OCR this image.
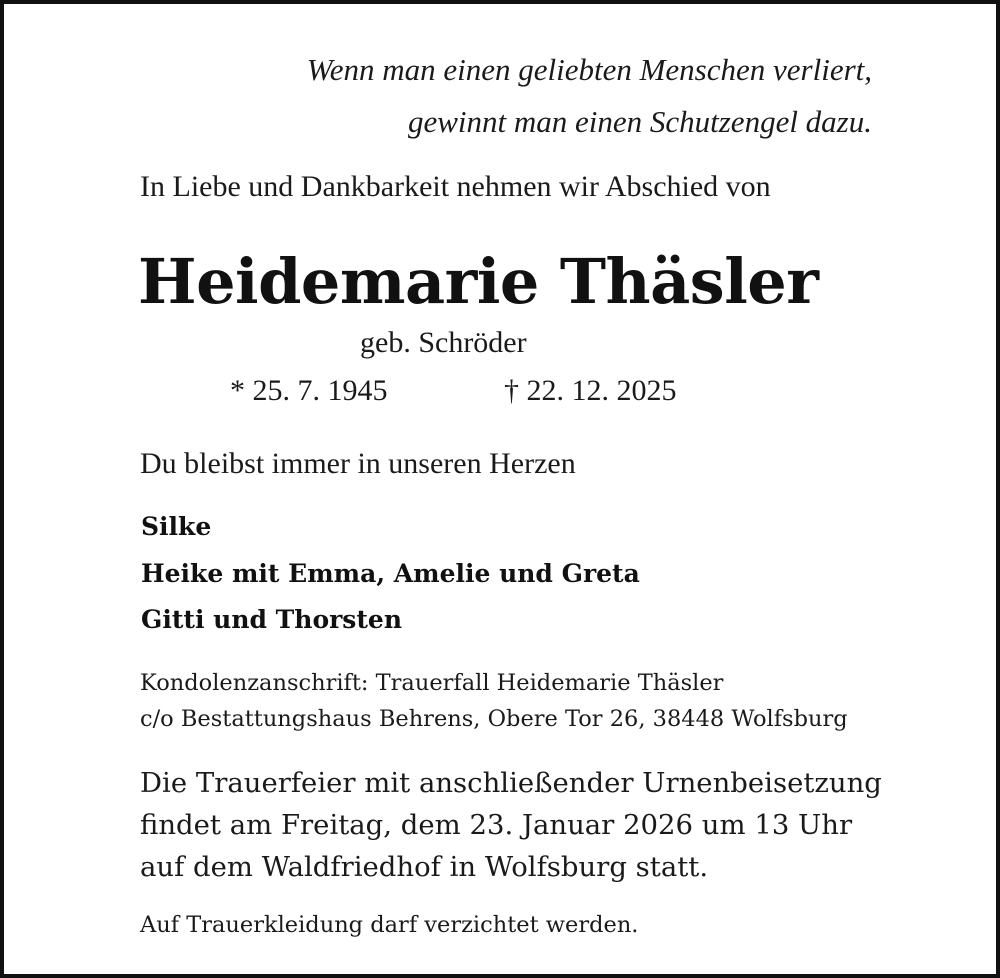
Wenn man einen geliebten Menschen verliert,

gewinnt man einen Schutzengel dazu.

In Liebe und Dankbarkeit nehmen wir Abschied von

Heidemarie Thäsler

geb. Schröder

* 25. 7. 1945	† 22. 12. 2025

Du bleibst immer in unseren Herzen

Silke

Heike mit Emma, Amelie und Greta

Gitti und Thorsten

Kondolenzanschrift: Trauerfall Heidemarie Thäsler

c/o Bestattungshaus Behrens, Obere Tor 26, 38448 Wolfsburg

Die Trauerfeier mit anschließender Urnenbeisetzung

findet am Freitag, dem 23. Januar 2026 um 13 Uhr

auf dem Waldfriedhof in Wolfsburg statt.

Auf Trauerkleidung darf verzichtet werden.
